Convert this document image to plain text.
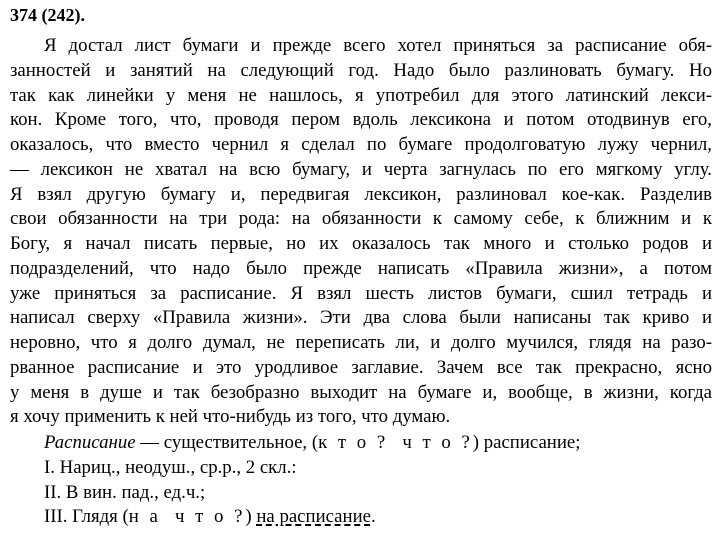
374 (242).
Я достал лист бумаги и прежде всего хотел приняться за расписание обя-
занностей и занятий на следующий год. Надо было разлиновать бумагу. Но
так как линейки у меня не нашлось, я употребил для этого латинский лекси-
кон. Кроме того, что, проводя пером вдоль лексикона и потом отодвинув его,
оказалось, что вместо чернил я сделал по бумаге продолговатую лужу чернил,
— лексикон не хватал на всю бумагу, и черта загнулась по его мягкому углу.
Я взял другую бумагу и, передвигая лексикон, разлиновал кое-как. Разделив
свои обязанности на три рода: на обязанности к самому себе, к ближним и к
Богу, я начал писать первые, но их оказалось так много и столько родов и
подразделений, что надо было прежде написать «Правила жизни», а потом
уже приняться за расписание. Я взял шесть листов бумаги, сшил тетрадь и
написал сверху «Правила жизни». Эти два слова были написаны так криво и
неровно, что я долго думал, не переписать ли, и долго мучился, глядя на разо-
рванное расписание и это уродливое заглавие. Зачем все так прекрасно, ясно
у меня в душе и так безобразно выходит на бумаге и, вообще, в жизни, когда
я хочу применить к ней что-нибудь из того, что думаю.
Расписание — существительное, (к т о ? ч т о ?) расписание;
I. Нариц., неодуш., ср.р., 2 скл.:
II. В вин. пад., ед.ч.;
III. Глядя (н а ч т о ?) на расписание.
